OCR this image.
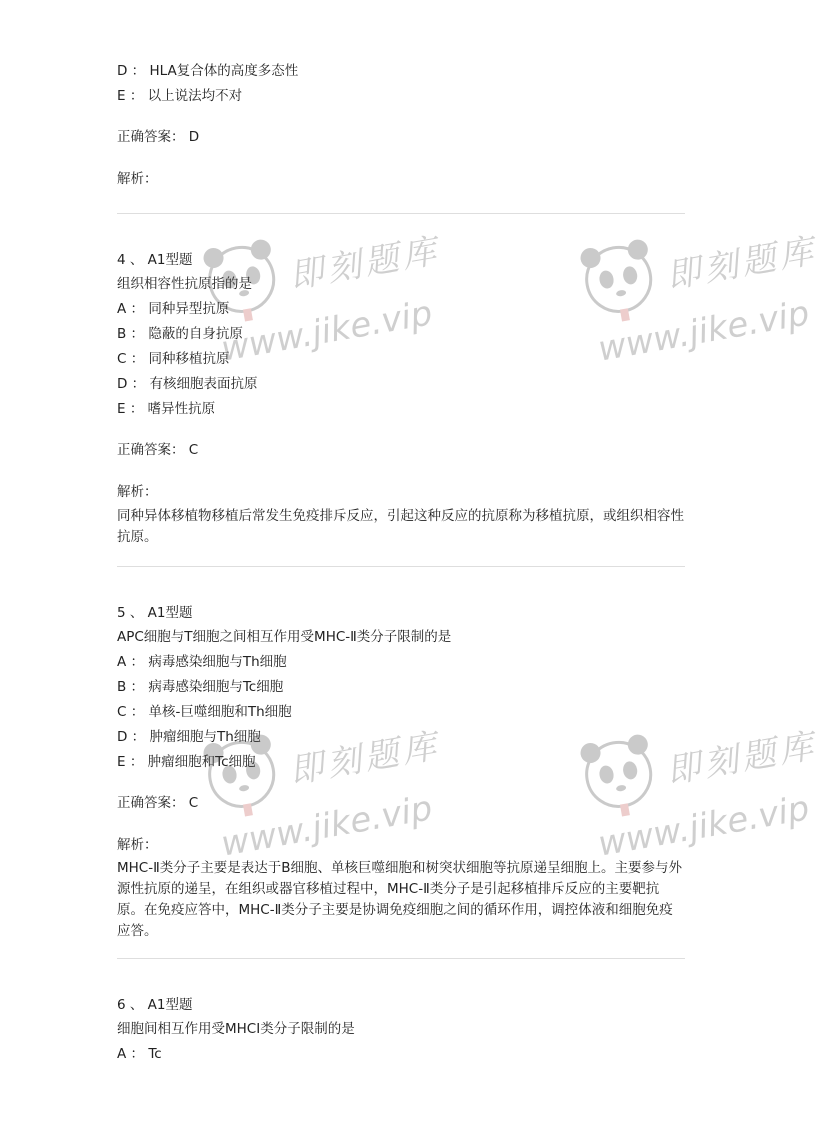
D ： HLA复合体的高度多态性

E ： 以上说法均不对

正确答案： D

解析：

4 、 A1型题

组织相容性抗原指的是

A ： 同种异型抗原

B ： 隐蔽的自身抗原

C ： 同种移植抗原

D ： 有核细胞表面抗原

E ： 嗜异性抗原

正确答案： C

解析：

同种异体移植物移植后常发生免疫排斥反应，引起这种反应的抗原称为移植抗原，或组织相容性抗原。

5 、 A1型题

APC细胞与T细胞之间相互作用受MHC-Ⅱ类分子限制的是

A ： 病毒感染细胞与Th细胞

B ： 病毒感染细胞与Tc细胞

C ： 单核-巨噬细胞和Th细胞

D ： 肿瘤细胞与Th细胞

E ： 肿瘤细胞和Tc细胞

正确答案： C

解析：

MHC-Ⅱ类分子主要是表达于B细胞、单核巨噬细胞和树突状细胞等抗原递呈细胞上。主要参与外源性抗原的递呈，在组织或器官移植过程中，MHC-Ⅱ类分子是引起移植排斥反应的主要靶抗原。在免疫应答中，MHC-Ⅱ类分子主要是协调免疫细胞之间的循环作用，调控体液和细胞免疫应答。

6 、 A1型题

细胞间相互作用受MHCⅠ类分子限制的是

A ： Tc

即刻题库
www.jike.vip
即刻题库
www.jike.vip
即刻题库
www.jike.vip
即刻题库
www.jike.vip
